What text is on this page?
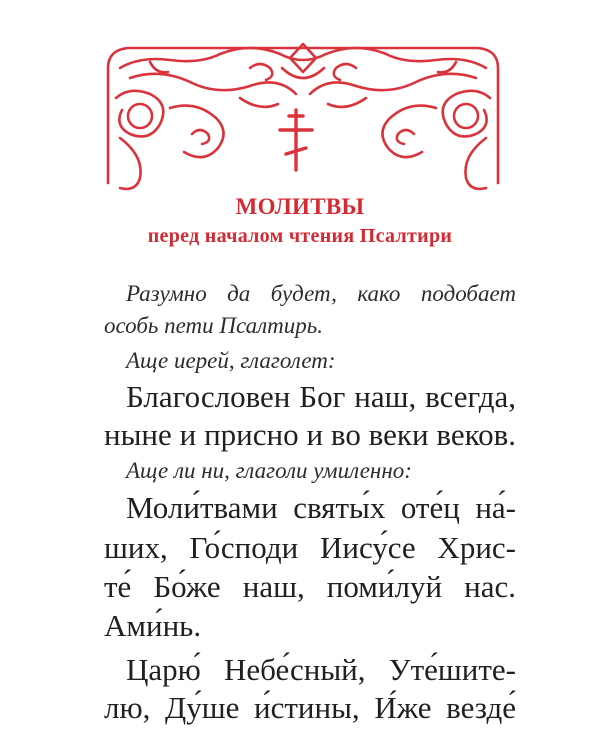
МОЛИТВЫ
перед началом чтения Псалтири
Разумно да будет, како подобает
особь пети Псалтирь.
Аще иерей, глаголет:
Благословен Бог наш, всегда,
ныне и присно и во веки веков.
Аще ли ни, глаголи умиленно:
Моли́твами святы́х оте́ц на́-
ших, Го́споди Иису́се Хрис-
те́ Бо́же наш, поми́луй нас.
Ами́нь.
Царю́ Небе́сный, Уте́шите-
лю, Ду́ше и́стины, И́же везде́
